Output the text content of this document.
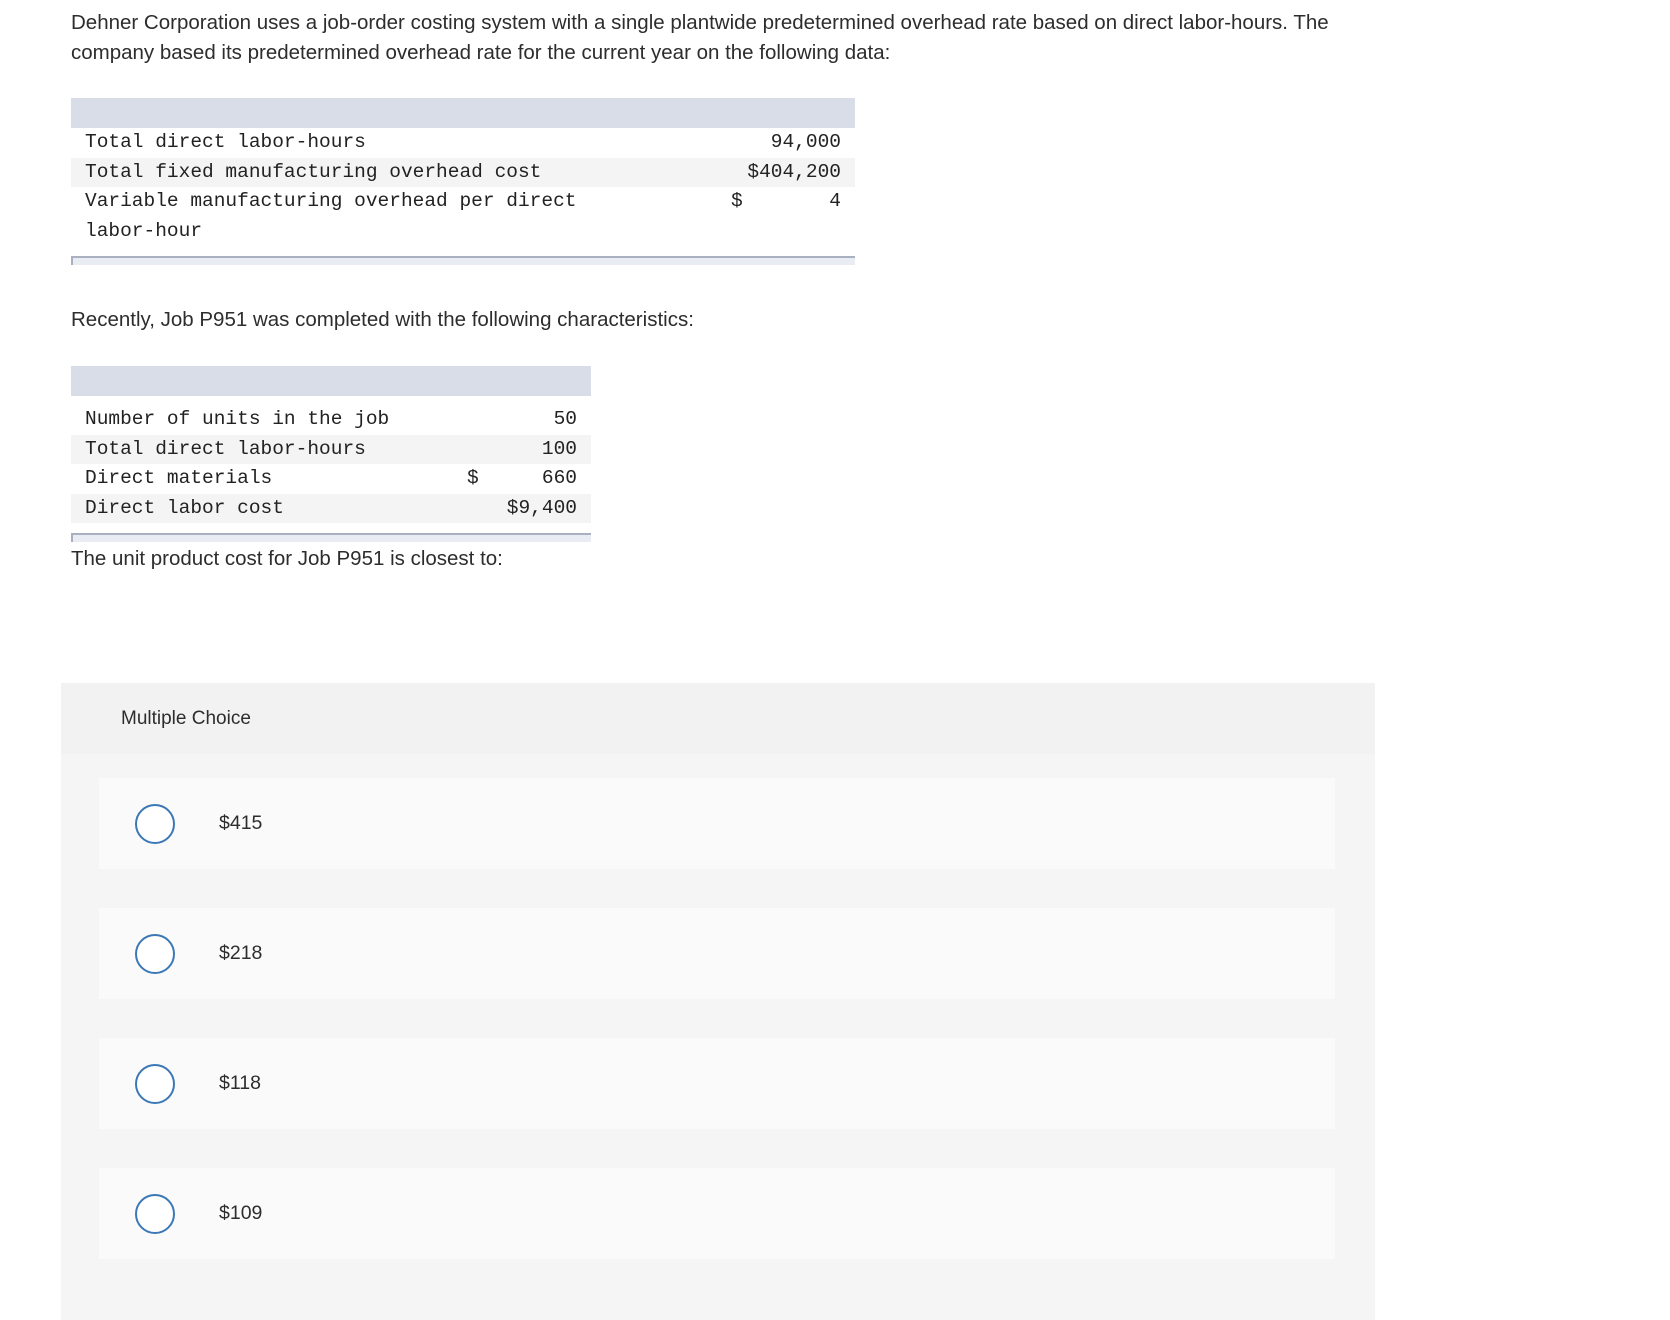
Dehner Corporation uses a job-order costing system with a single plantwide predetermined overhead rate based on direct labor-hours. The company based its predetermined overhead rate for the current year on the following data:

Total direct labor-hours	94,000
Total fixed manufacturing overhead cost	$404,200
Variable manufacturing overhead per direct labor-hour
$	4

Recently, Job P951 was completed with the following characteristics:

Number of units in the job	50
Total direct labor-hours	100
Direct materials	$	660
Direct labor cost	$9,400

The unit product cost for Job P951 is closest to:

Multiple Choice
$415
$218
$118
$109
